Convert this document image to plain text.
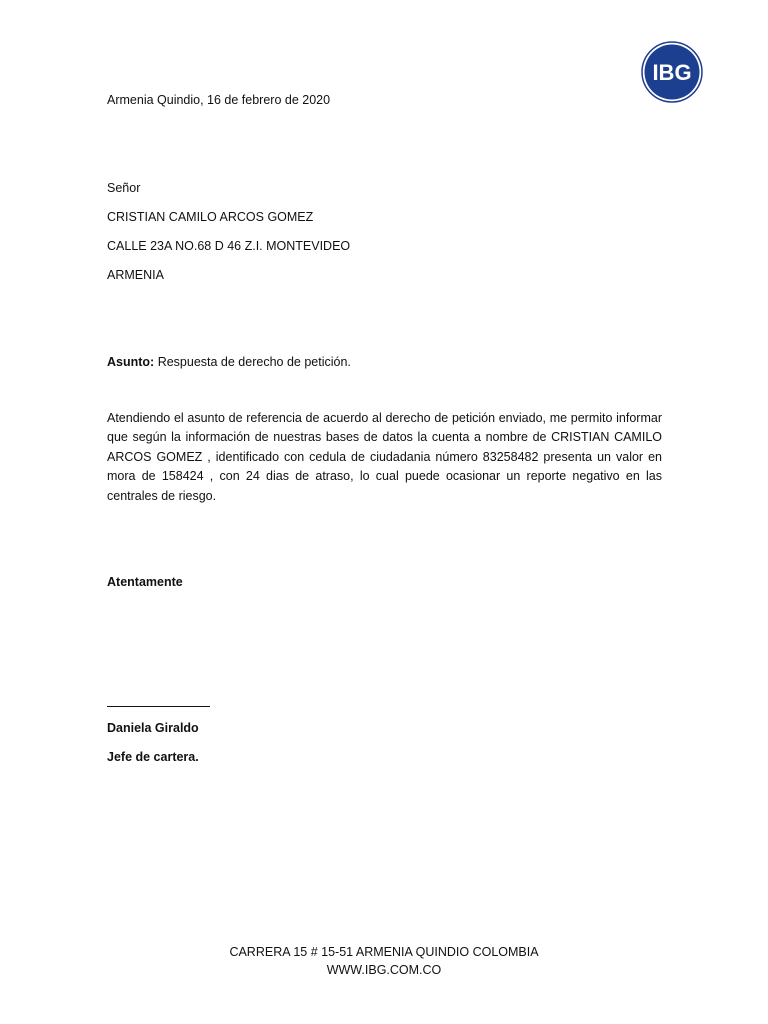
IBG
Armenia Quindio, 16 de febrero de 2020
Señor
CRISTIAN CAMILO ARCOS GOMEZ
CALLE 23A NO.68 D 46 Z.I. MONTEVIDEO
ARMENIA
Asunto: Respuesta de derecho de petición.
Atendiendo el asunto de referencia de acuerdo al derecho de petición enviado, me permito informar que según la información de nuestras bases de datos la cuenta a nombre de CRISTIAN CAMILO ARCOS GOMEZ , identificado con cedula de ciudadania número 83258482 presenta un valor en mora de 158424 , con 24 dias de atraso, lo cual puede ocasionar un reporte negativo en las centrales de riesgo.
Atentamente
Daniela Giraldo
Jefe de cartera.
CARRERA 15 # 15-51 ARMENIA QUINDIO COLOMBIA
WWW.IBG.COM.CO
